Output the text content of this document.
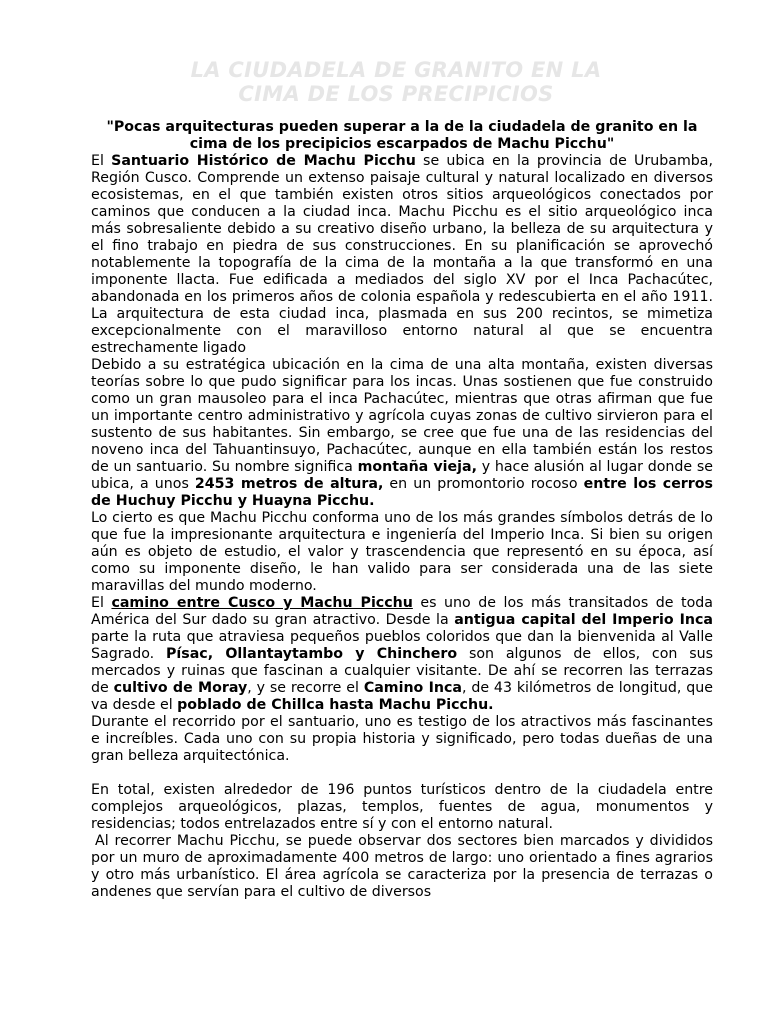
LA CIUDADELA DE GRANITO EN LA
CIMA DE LOS PRECIPICIOS
"Pocas arquitecturas pueden superar a la de la ciudadela de granito en la cima de los precipicios escarpados de Machu Picchu"

El Santuario Histórico de Machu Picchu se ubica en la provincia de Urubamba, Región Cusco. Comprende un extenso paisaje cultural y natural localizado en diversos ecosistemas, en el que también existen otros sitios arqueológicos conectados por caminos que conducen a la ciudad inca. Machu Picchu es el sitio arqueológico inca más sobresaliente debido a su creativo diseño urbano, la belleza de su arquitectura y el fino trabajo en piedra de sus construcciones. En su planificación se aprovechó notablemente la topografía de la cima de la montaña a la que transformó en una imponente llacta. Fue edificada a mediados del siglo XV por el Inca Pachacútec, abandonada en los primeros años de colonia española y redescubierta en el año 1911. La arquitectura de esta ciudad inca, plasmada en sus 200 recintos, se mimetiza excepcionalmente con el maravilloso entorno natural al que se encuentra estrechamente ligado

Debido a su estratégica ubicación en la cima de una alta montaña, existen diversas teorías sobre lo que pudo significar para los incas. Unas sostienen que fue construido como un gran mausoleo para el inca Pachacútec, mientras que otras afirman que fue un importante centro administrativo y agrícola cuyas zonas de cultivo sirvieron para el sustento de sus habitantes. Sin embargo, se cree que fue una de las residencias del noveno inca del Tahuantinsuyo, Pachacútec, aunque en ella también están los restos de un santuario. Su nombre significa montaña vieja, y hace alusión al lugar donde se ubica, a unos 2453 metros de altura, en un promontorio rocoso entre los cerros de Huchuy Picchu y Huayna Picchu.

Lo cierto es que Machu Picchu conforma uno de los más grandes símbolos detrás de lo que fue la impresionante arquitectura e ingeniería del Imperio Inca. Si bien su origen aún es objeto de estudio, el valor y trascendencia que representó en su época, así como su imponente diseño, le han valido para ser considerada una de las siete maravillas del mundo moderno.

El camino entre Cusco y Machu Picchu es uno de los más transitados de toda América del Sur dado su gran atractivo. Desde la antigua capital del Imperio Inca parte la ruta que atraviesa pequeños pueblos coloridos que dan la bienvenida al Valle Sagrado. Písac, Ollantaytambo y Chinchero son algunos de ellos, con sus mercados y ruinas que fascinan a cualquier visitante. De ahí se recorren las terrazas de cultivo de Moray, y se recorre el Camino Inca, de 43 kilómetros de longitud, que va desde el poblado de Chillca hasta Machu Picchu.

Durante el recorrido por el santuario, uno es testigo de los atractivos más fascinantes e increíbles. Cada uno con su propia historia y significado, pero todas dueñas de una gran belleza arquitectónica.

En total, existen alrededor de 196 puntos turísticos dentro de la ciudadela entre complejos arqueológicos, plazas, templos, fuentes de agua, monumentos y residencias; todos entrelazados entre sí y con el entorno natural.

Al recorrer Machu Picchu, se puede observar dos sectores bien marcados y divididos por un muro de aproximadamente 400 metros de largo: uno orientado a fines agrarios y otro más urbanístico. El área agrícola se caracteriza por la presencia de terrazas o andenes que servían para el cultivo de diversos
